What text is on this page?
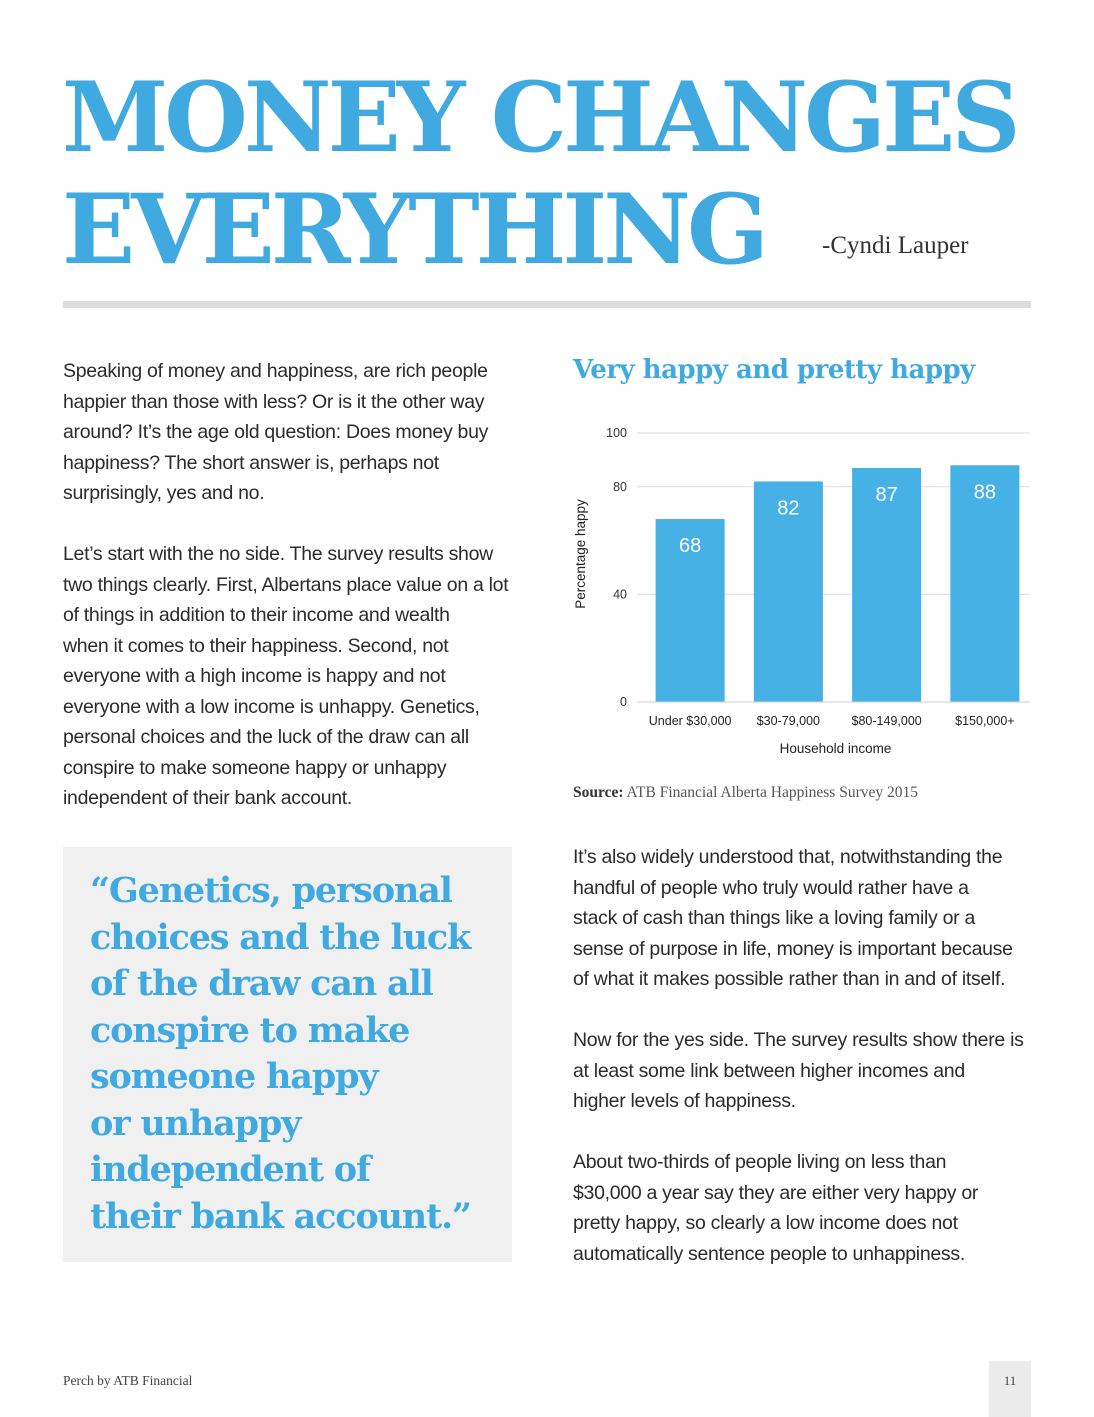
MONEY CHANGES
EVERYTHING	-Cyndi Lauper

Speaking of money and happiness, are rich people
happier than those with less? Or is it the other way
around? It’s the age old question: Does money buy
happiness? The short answer is, perhaps not
surprisingly, yes and no.

Let’s start with the no side. The survey results show
two things clearly. First, Albertans place value on a lot
of things in addition to their income and wealth
when it comes to their happiness. Second, not
everyone with a high income is happy and not
everyone with a low income is unhappy. Genetics,
personal choices and the luck of the draw can all
conspire to make someone happy or unhappy
independent of their bank account.

“Genetics, personal
choices and the luck
of the draw can all
conspire to make
someone happy
or unhappy
independent of
their bank account.”

Very happy and pretty happy
0
40
80
100
68
Under $30,000
82
$30-79,000
87
$80-149,000
88
$150,000+
Household income
Percentage happy
Source: ATB Financial Alberta Happiness Survey 2015

It’s also widely understood that, notwithstanding the
handful of people who truly would rather have a
stack of cash than things like a loving family or a
sense of purpose in life, money is important because
of what it makes possible rather than in and of itself.

Now for the yes side. The survey results show there is
at least some link between higher incomes and
higher levels of happiness.

About two-thirds of people living on less than
$30,000 a year say they are either very happy or
pretty happy, so clearly a low income does not
automatically sentence people to unhappiness.

Perch by ATB Financial	11
